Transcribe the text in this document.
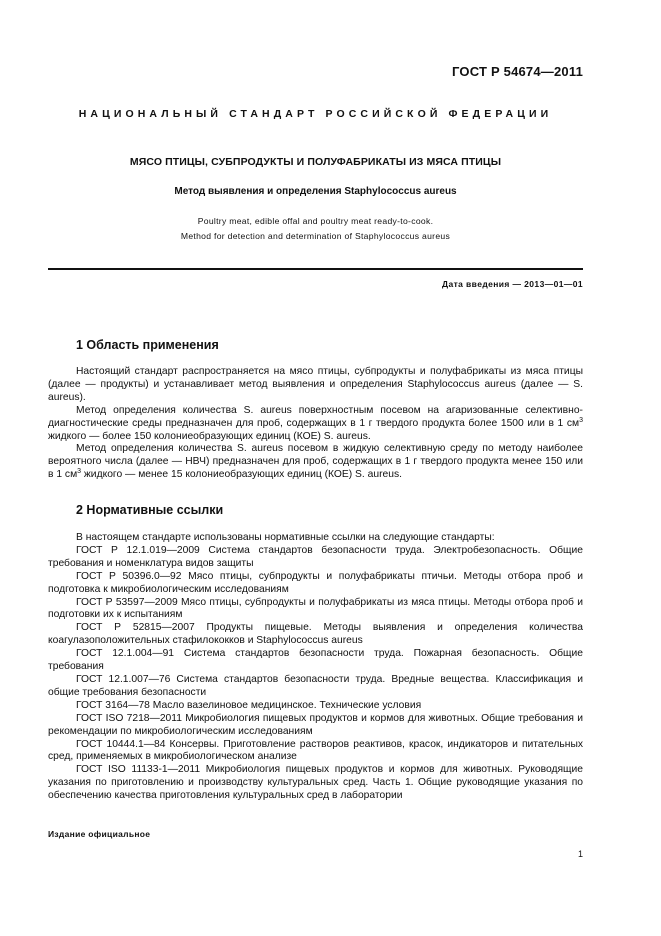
ГОСТ Р 54674—2011
НАЦИОНАЛЬНЫЙ СТАНДАРТ РОССИЙСКОЙ ФЕДЕРАЦИИ
МЯСО ПТИЦЫ, СУБПРОДУКТЫ И ПОЛУФАБРИКАТЫ ИЗ МЯСА ПТИЦЫ
Метод выявления и определения Staphylococcus aureus
Poultry meat, edible offal and poultry meat ready-to-cook.
Method for detection and determination of Staphylococcus aureus
Дата введения — 2013—01—01
1 Область применения

Настоящий стандарт распространяется на мясо птицы, субпродукты и полуфабрикаты из мяса птицы (далее — продукты) и устанавливает метод выявления и определения Staphylococcus aureus (далее — S. aureus).

Метод определения количества S. aureus поверхностным посевом на агаризованные селективно-диагностические среды предназначен для проб, содержащих в 1 г твердого продукта более 1500 или в 1 $см^3$ жидкого — более 150 колониеобразующих единиц (КОЕ) S. aureus.

Метод определения количества S. aureus посевом в жидкую селективную среду по методу наиболее вероятного числа (далее — НВЧ) предназначен для проб, содержащих в 1 г твердого продукта менее 150 или в 1 $см^3$ жидкого — менее 15 колониеобразующих единиц (КОЕ) S. aureus.

2 Нормативные ссылки

В настоящем стандарте использованы нормативные ссылки на следующие стандарты:

ГОСТ Р 12.1.019—2009 Система стандартов безопасности труда. Электробезопасность. Общие требования и номенклатура видов защиты

ГОСТ Р 50396.0—92 Мясо птицы, субпродукты и полуфабрикаты птичьи. Методы отбора проб и подготовка к микробиологическим исследованиям

ГОСТ Р 53597—2009 Мясо птицы, субпродукты и полуфабрикаты из мяса птицы. Методы отбора проб и подготовки их к испытаниям

ГОСТ Р 52815—2007 Продукты пищевые. Методы выявления и определения количества коагулазоположительных стафилококков и Staphylococcus aureus

ГОСТ 12.1.004—91 Система стандартов безопасности труда. Пожарная безопасность. Общие требования

ГОСТ 12.1.007—76 Система стандартов безопасности труда. Вредные вещества. Классификация и общие требования безопасности

ГОСТ 3164—78 Масло вазелиновое медицинское. Технические условия

ГОСТ ISO 7218—2011 Микробиология пищевых продуктов и кормов для животных. Общие требования и рекомендации по микробиологическим исследованиям

ГОСТ 10444.1—84 Консервы. Приготовление растворов реактивов, красок, индикаторов и питательных сред, применяемых в микробиологическом анализе

ГОСТ ISO 11133-1—2011 Микробиология пищевых продуктов и кормов для животных. Руководящие указания по приготовлению и производству культуральных сред. Часть 1. Общие руководящие указания по обеспечению качества приготовления культуральных сред в лаборатории

Издание официальное
1
